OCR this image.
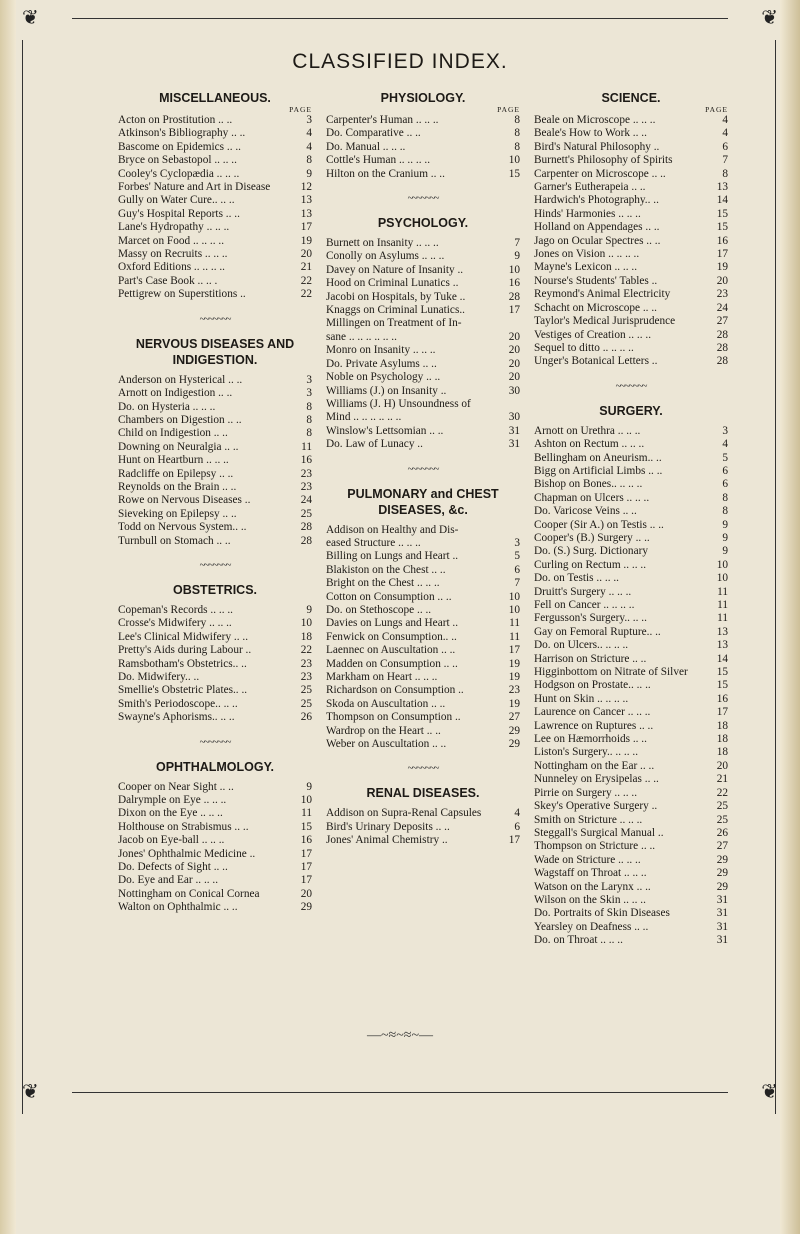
❦	❦
CLASSIFIED INDEX.
MISCELLANEOUS.
PAGE
Acton on Prostitution .. ..	3
Atkinson's Bibliography .. ..	4
Bascome on Epidemics .. ..	4
Bryce on Sebastopol .. .. ..	8
Cooley's Cyclopædia .. .. ..	9
Forbes' Nature and Art in Disease	12
Gully on Water Cure.. .. ..	13
Guy's Hospital Reports .. ..	13
Lane's Hydropathy .. .. ..	17
Marcet on Food .. .. .. ..	19
Massy on Recruits .. .. ..	20
Oxford Editions .. .. .. ..	21
Part's Case Book .. .. .	22
Pettigrew on Superstitions ..	22
~~~~~~~
NERVOUS DISEASES AND INDIGESTION.
Anderson on Hysterical .. ..	3
Arnott on Indigestion .. ..	3
Do. on Hysteria .. .. ..	8
Chambers on Digestion .. ..	8
Child on Indigestion .. ..	8
Downing on Neuralgia .. ..	11
Hunt on Heartburn .. .. ..	16
Radcliffe on Epilepsy .. ..	23
Reynolds on the Brain .. ..	23
Rowe on Nervous Diseases ..	24
Sieveking on Epilepsy .. ..	25
Todd on Nervous System.. ..	28
Turnbull on Stomach .. ..	28
~~~~~~~
OBSTETRICS.
Copeman's Records .. .. ..	9
Crosse's Midwifery .. .. ..	10
Lee's Clinical Midwifery .. ..	18
Pretty's Aids during Labour ..	22
Ramsbotham's Obstetrics.. ..	23
Do. Midwifery.. ..	23
Smellie's Obstetric Plates.. ..	25
Smith's Periodoscope.. .. ..	25
Swayne's Aphorisms.. .. ..	26
~~~~~~~
OPHTHALMOLOGY.
Cooper on Near Sight .. ..	9
Dalrymple on Eye .. .. ..	10
Dixon on the Eye .. .. ..	11
Holthouse on Strabismus .. ..	15
Jacob on Eye-ball .. .. ..	16
Jones' Ophthalmic Medicine ..	17
Do. Defects of Sight .. ..	17
Do. Eye and Ear .. .. ..	17
Nottingham on Conical Cornea	20
Walton on Ophthalmic .. ..	29
PHYSIOLOGY.
PAGE
Carpenter's Human .. .. ..	8
Do. Comparative .. ..	8
Do. Manual .. .. ..	8
Cottle's Human .. .. .. ..	10
Hilton on the Cranium .. ..	15
~~~~~~~
PSYCHOLOGY.
Burnett on Insanity .. .. ..	7
Conolly on Asylums .. .. ..	9
Davey on Nature of Insanity ..	10
Hood on Criminal Lunatics ..	16
Jacobi on Hospitals, by Tuke ..	28
Knaggs on Criminal Lunatics..	17
Millingen on Treatment of In-
sane .. .. .. .. .. ..	20
Monro on Insanity .. .. ..	20
Do. Private Asylums .. ..	20
Noble on Psychology .. ..	20
Williams (J.) on Insanity ..	30
Williams (J. H) Unsoundness of
Mind .. .. .. .. .. ..	30
Winslow's Lettsomian .. ..	31
Do. Law of Lunacy ..	31
~~~~~~~
PULMONARY and CHEST DISEASES, &c.
Addison on Healthy and Dis-
eased Structure .. .. ..	3
Billing on Lungs and Heart ..	5
Blakiston on the Chest .. ..	6
Bright on the Chest .. .. ..	7
Cotton on Consumption .. ..	10
Do. on Stethoscope .. ..	10
Davies on Lungs and Heart ..	11
Fenwick on Consumption.. ..	11
Laennec on Auscultation .. ..	17
Madden on Consumption .. ..	19
Markham on Heart .. .. ..	19
Richardson on Consumption ..	23
Skoda on Auscultation .. ..	19
Thompson on Consumption ..	27
Wardrop on the Heart .. ..	29
Weber on Auscultation .. ..	29
~~~~~~~
RENAL DISEASES.
Addison on Supra-Renal Capsules	4
Bird's Urinary Deposits .. ..	6
Jones' Animal Chemistry ..	17
SCIENCE.
PAGE
Beale on Microscope .. .. ..	4
Beale's How to Work .. ..	4
Bird's Natural Philosophy ..	6
Burnett's Philosophy of Spirits	7
Carpenter on Microscope .. ..	8
Garner's Eutherapeia .. ..	13
Hardwich's Photography.. ..	14
Hinds' Harmonies .. .. ..	15
Holland on Appendages .. ..	15
Jago on Ocular Spectres .. ..	16
Jones on Vision .. .. .. ..	17
Mayne's Lexicon .. .. ..	19
Nourse's Students' Tables ..	20
Reymond's Animal Electricity	23
Schacht on Microscope .. ..	24
Taylor's Medical Jurisprudence	27
Vestiges of Creation .. .. ..	28
Sequel to ditto .. .. .. ..	28
Unger's Botanical Letters ..	28
~~~~~~~
SURGERY.
Arnott on Urethra .. .. ..	3
Ashton on Rectum .. .. ..	4
Bellingham on Aneurism.. ..	5
Bigg on Artificial Limbs .. ..	6
Bishop on Bones.. .. .. ..	6
Chapman on Ulcers .. .. ..	8
Do. Varicose Veins .. ..	8
Cooper (Sir A.) on Testis .. ..	9
Cooper's (B.) Surgery .. ..	9
Do. (S.) Surg. Dictionary	9
Curling on Rectum .. .. ..	10
Do. on Testis .. .. ..	10
Druitt's Surgery .. .. ..	11
Fell on Cancer .. .. .. ..	11
Fergusson's Surgery.. .. ..	11
Gay on Femoral Rupture.. ..	13
Do. on Ulcers.. .. .. ..	13
Harrison on Stricture .. ..	14
Higginbottom on Nitrate of Silver	15
Hodgson on Prostate.. .. ..	15
Hunt on Skin .. .. .. ..	16
Laurence on Cancer .. .. ..	17
Lawrence on Ruptures .. ..	18
Lee on Hæmorrhoids .. ..	18
Liston's Surgery.. .. .. ..	18
Nottingham on the Ear .. ..	20
Nunneley on Erysipelas .. ..	21
Pirrie on Surgery .. .. ..	22
Skey's Operative Surgery ..	25
Smith on Stricture .. .. ..	25
Steggall's Surgical Manual ..	26
Thompson on Stricture .. ..	27
Wade on Stricture .. .. ..	29
Wagstaff on Throat .. .. ..	29
Watson on the Larynx .. ..	29
Wilson on the Skin .. .. ..	31
Do. Portraits of Skin Diseases	31
Yearsley on Deafness .. ..	31
Do. on Throat .. .. ..	31
—~≈~≈~—
❦	❦
